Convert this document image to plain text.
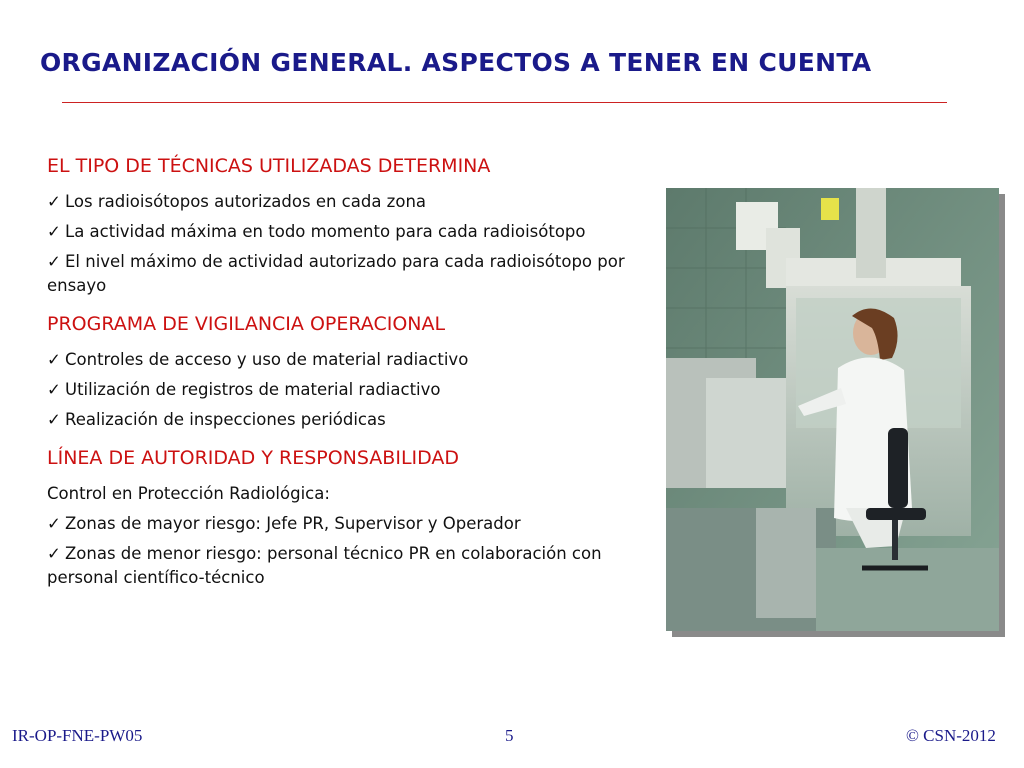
ORGANIZACIÓN GENERAL. ASPECTOS A TENER EN CUENTA
EL TIPO DE TÉCNICAS UTILIZADAS DETERMINA
✓ Los radioisótopos autorizados en cada zona
✓ La actividad máxima en todo momento para cada radioisótopo
✓ El nivel máximo de actividad autorizado para cada radioisótopo por ensayo
PROGRAMA DE VIGILANCIA OPERACIONAL
✓ Controles de acceso y uso de material radiactivo
✓ Utilización de registros de material radiactivo
✓ Realización de inspecciones periódicas
LÍNEA DE AUTORIDAD Y RESPONSABILIDAD
Control en Protección Radiológica:
✓ Zonas de mayor riesgo: Jefe PR, Supervisor y Operador
✓ Zonas de menor riesgo: personal técnico PR en colaboración con personal científico-técnico
IR-OP-FNE-PW05	5	© CSN-2012
